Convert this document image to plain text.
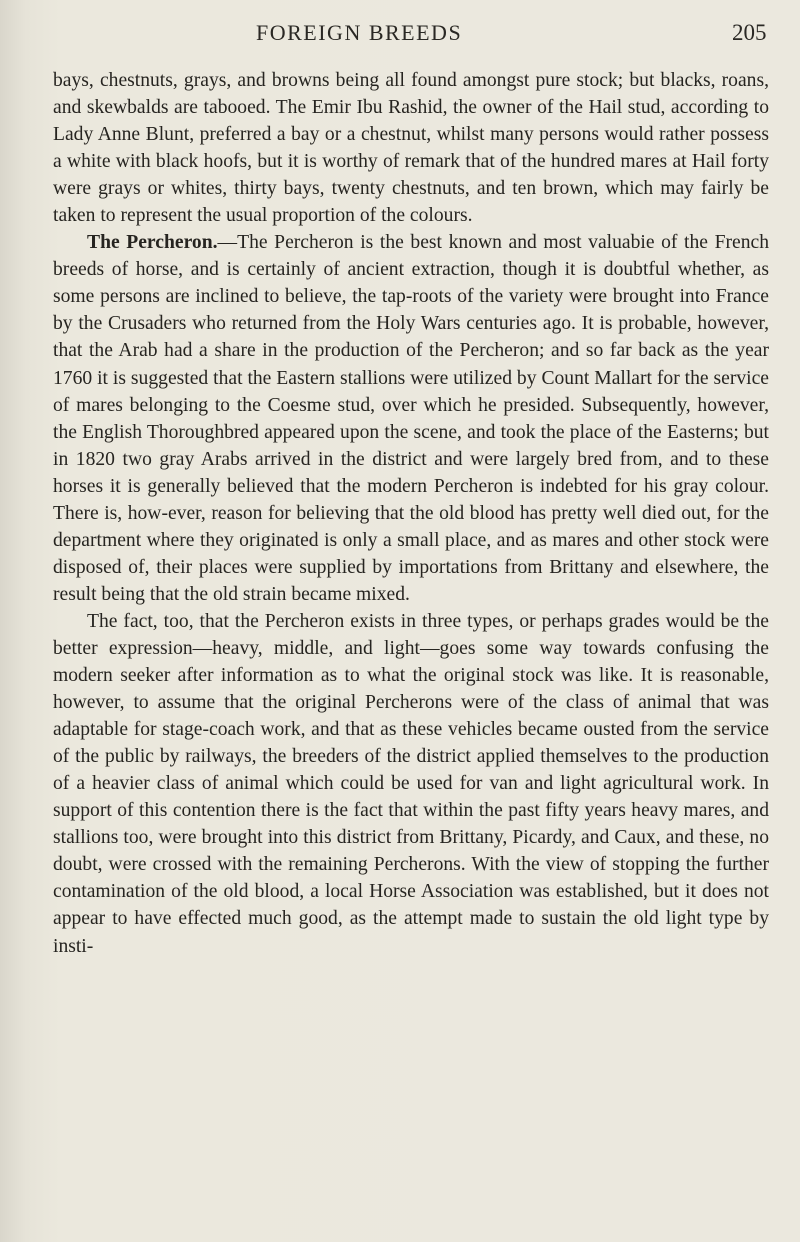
FOREIGN BREEDS	205

bays, chestnuts, grays, and browns being all found amongst pure stock; but blacks, roans, and skewbalds are tabooed. The Emir Ibu Rashid, the owner of the Hail stud, according to Lady Anne Blunt, preferred a bay or a chestnut, whilst many persons would rather possess a white with black hoofs, but it is worthy of remark that of the hundred mares at Hail forty were grays or whites, thirty bays, twenty chestnuts, and ten brown, which may fairly be taken to represent the usual proportion of the colours.

The Percheron.—The Percheron is the best known and most valuabie of the French breeds of horse, and is certainly of ancient extraction, though it is doubtful whether, as some persons are inclined to believe, the tap-roots of the variety were brought into France by the Crusaders who returned from the Holy Wars centuries ago. It is probable, however, that the Arab had a share in the production of the Percheron; and so far back as the year 1760 it is suggested that the Eastern stallions were utilized by Count Mallart for the service of mares belonging to the Coesme stud, over which he presided. Subsequently, however, the English Thoroughbred appeared upon the scene, and took the place of the Easterns; but in 1820 two gray Arabs arrived in the district and were largely bred from, and to these horses it is generally believed that the modern Percheron is indebted for his gray colour. There is, how-ever, reason for believing that the old blood has pretty well died out, for the department where they originated is only a small place, and as mares and other stock were disposed of, their places were supplied by importations from Brittany and elsewhere, the result being that the old strain became mixed.

The fact, too, that the Percheron exists in three types, or perhaps grades would be the better expression—heavy, middle, and light—goes some way towards confusing the modern seeker after information as to what the original stock was like. It is reasonable, however, to assume that the original Percherons were of the class of animal that was adaptable for stage-coach work, and that as these vehicles became ousted from the service of the public by railways, the breeders of the district applied themselves to the production of a heavier class of animal which could be used for van and light agricultural work. In support of this contention there is the fact that within the past fifty years heavy mares, and stallions too, were brought into this district from Brittany, Picardy, and Caux, and these, no doubt, were crossed with the remaining Percherons. With the view of stopping the further contamination of the old blood, a local Horse Association was established, but it does not appear to have effected much good, as the attempt made to sustain the old light type by insti-
